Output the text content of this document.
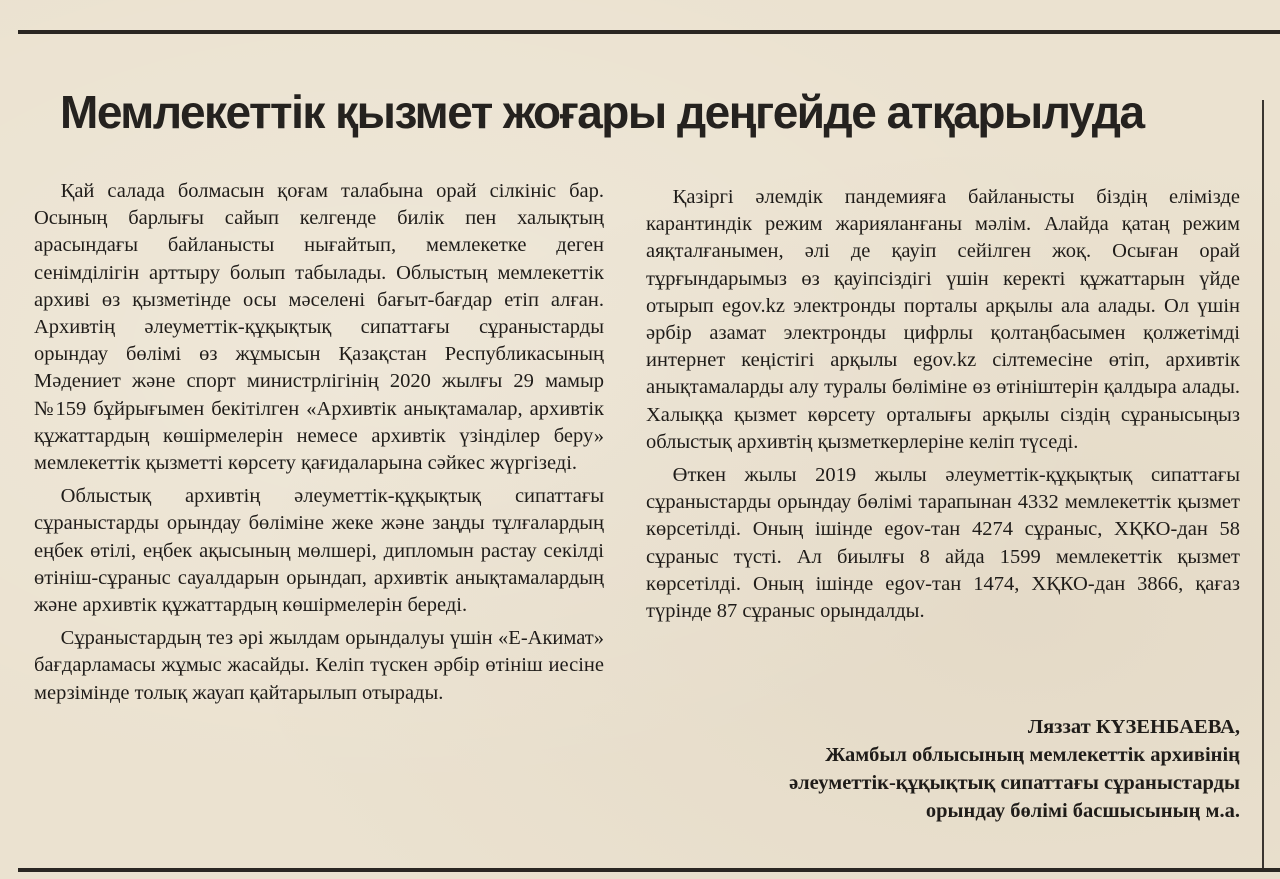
Мемлекеттік қызмет жоғары деңгейде атқарылуда

Қай салада болмасын қоғам талабына орай сілкініс бар. Осының барлығы сайып келгенде билік пен халықтың арасындағы байланысты нығайтып, мемлекетке деген сенімділігін арттыру болып табылады. Облыстың мемлекеттік архиві өз қызметінде осы мәселені бағыт-бағдар етіп алған. Архивтің әлеуметтік-құқықтық сипаттағы сұраныстарды орындау бөлімі өз жұмысын Қазақстан Республикасының Мәдениет және спорт министрлігінің 2020 жылғы 29 мамыр №159 бұйрығымен бекітілген «Архивтік анықтамалар, архивтік құжаттардың көшірмелерін немесе архивтік үзінділер беру» мемлекеттік қызметті көрсету қағидаларына сәйкес жүргізеді.

Облыстық архивтің әлеуметтік-құқықтық сипаттағы сұраныстарды орындау бөліміне жеке және заңды тұлғалардың еңбек өтілі, еңбек ақысының мөлшері, дипломын растау секілді өтініш-сұраныс сауалдарын орындап, архивтік анықтамалардың және архивтік құжаттардың көшірмелерін береді.

Сұраныстардың тез әрі жылдам орындалуы үшін «Е-Акимат» бағдарламасы жұмыс жасайды. Келіп түскен әрбір өтініш иесіне мерзімінде толық жауап қайтарылып отырады.

Қазіргі әлемдік пандемияға байланысты біздің елімізде карантиндік режим жарияланғаны мәлім. Алайда қатаң режим аяқталғанымен, әлі де қауіп сейілген жоқ. Осыған орай тұрғындарымыз өз қауіпсіздігі үшін керекті құжаттарын үйде отырып egov.kz электронды порталы арқылы ала алады. Ол үшін әрбір азамат электронды цифрлы қолтаңбасымен қолжетімді интернет кеңістігі арқылы egov.kz сілтемесіне өтіп, архивтік анықтамаларды алу туралы бөліміне өз өтініштерін қалдыра алады. Халыққа қызмет көрсету орталығы арқылы сіздің сұранысыңыз облыстық архивтің қызметкерлеріне келіп түседі.

Өткен жылы 2019 жылы әлеуметтік-құқықтық сипаттағы сұраныстарды орындау бөлімі тарапынан 4332 мемлекеттік қызмет көрсетілді. Оның ішінде egov-тан 4274 сұраныс, ХҚКО-дан 58 сұраныс түсті. Ал биылғы 8 айда 1599 мемлекеттік қызмет көрсетілді. Оның ішінде egov-тан 1474, ХҚКО-дан 3866, қағаз түрінде 87 сұраныс орындалды.

Ляззат КҮЗЕНБАЕВА,
Жамбыл облысының мемлекеттік архивінің
әлеуметтік-құқықтық сипаттағы сұраныстарды
орындау бөлімі басшысының м.а.
